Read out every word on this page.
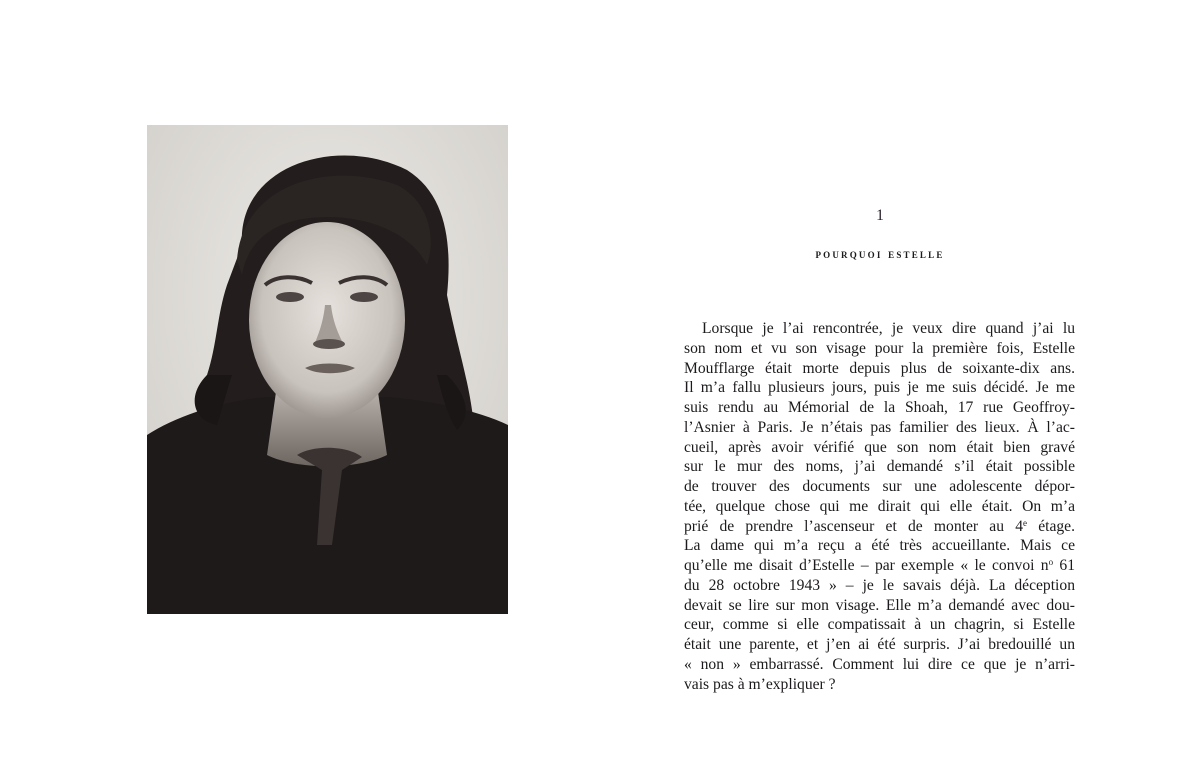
1
pourquoi estelle
Lorsque je l’ai rencontrée, je veux dire quand j’ai lu
son nom et vu son visage pour la première fois, Estelle
Moufflarge était morte depuis plus de soixante-dix ans.
Il m’a fallu plusieurs jours, puis je me suis décidé. Je me
suis rendu au Mémorial de la Shoah, 17 rue Geoffroy-
l’Asnier à Paris. Je n’étais pas familier des lieux. À l’ac-
cueil, après avoir vérifié que son nom était bien gravé
sur le mur des noms, j’ai demandé s’il était possible
de trouver des documents sur une adolescente dépor-
tée, quelque chose qui me dirait qui elle était. On m’a
prié de prendre l’ascenseur et de monter au 4e étage.
La dame qui m’a reçu a été très accueillante. Mais ce
qu’elle me disait d’Estelle – par exemple « le convoi $n^o$ 61
du 28 octobre 1943 » – je le savais déjà. La déception
devait se lire sur mon visage. Elle m’a demandé avec dou-
ceur, comme si elle compatissait à un chagrin, si Estelle
était une parente, et j’en ai été surpris. J’ai bredouillé un
« non » embarrassé. Comment lui dire ce que je n’arri-
vais pas à m’expliquer ?
